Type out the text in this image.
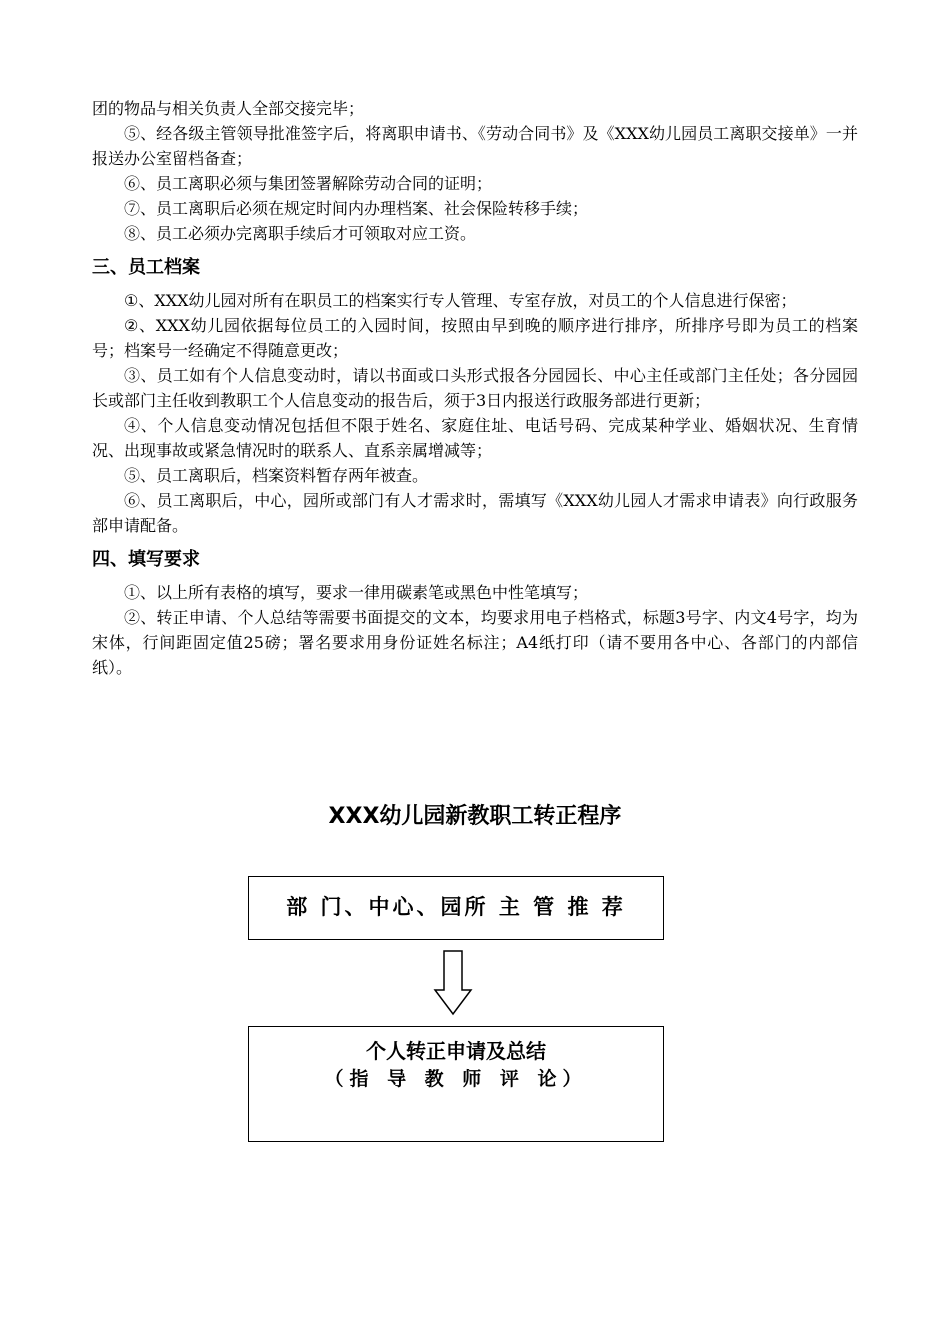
团的物品与相关负责人全部交接完毕；

⑤、经各级主管领导批准签字后，将离职申请书、《劳动合同书》及《XXX幼儿园员工离职交接单》一并报送办公室留档备查；

⑥、员工离职必须与集团签署解除劳动合同的证明；

⑦、员工离职后必须在规定时间内办理档案、社会保险转移手续；

⑧、员工必须办完离职手续后才可领取对应工资。

三、员工档案

①、XXX幼儿园对所有在职员工的档案实行专人管理、专室存放，对员工的个人信息进行保密；

②、XXX幼儿园依据每位员工的入园时间，按照由早到晚的顺序进行排序，所排序号即为员工的档案号；档案号一经确定不得随意更改；

③、员工如有个人信息变动时，请以书面或口头形式报各分园园长、中心主任或部门主任处；各分园园长或部门主任收到教职工个人信息变动的报告后，须于3日内报送行政服务部进行更新；

④、个人信息变动情况包括但不限于姓名、家庭住址、电话号码、完成某种学业、婚姻状况、生育情况、出现事故或紧急情况时的联系人、直系亲属增减等；

⑤、员工离职后，档案资料暂存两年被查。

⑥、员工离职后，中心，园所或部门有人才需求时，需填写《XXX幼儿园人才需求申请表》向行政服务部申请配备。

四、填写要求

①、以上所有表格的填写，要求一律用碳素笔或黑色中性笔填写；

②、转正申请、个人总结等需要书面提交的文本，均要求用电子档格式，标题3号字、内文4号字，均为宋体，行间距固定值25磅；署名要求用身份证姓名标注；A4纸打印（请不要用各中心、各部门的内部信纸）。

XXX幼儿园新教职工转正程序
部 门、中心、园所 主 管 推 荐
个人转正申请及总结
（指 导 教 师 评 论）
